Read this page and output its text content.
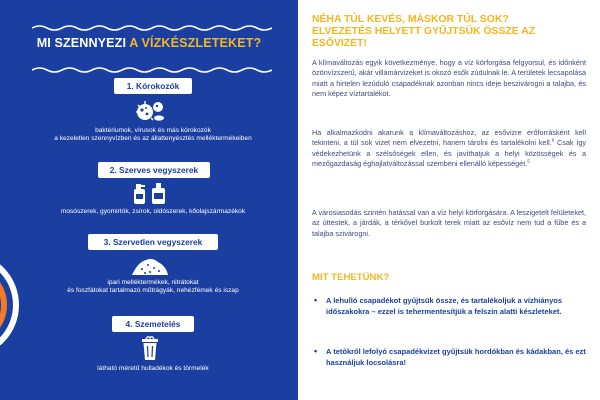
MI SZENNYEZI A VÍZKÉSZLETEKET?
1. Kórokozók
baktériumok, vírusok és más kórokozók
a kezeletlen szennyvízben és az állattenyésztés melléktermékeiben
2. Szerves vegyszerek
mosószerek, gyomirtók, zsírok, oldószerek, kőolajszármazékok
3. Szervetlen vegyszerek
ipari melléktermékek, nitrátokat
és foszfátokat tartalmazó műtrágyák, nehézfémek és iszap
4. Szemetelés
látható méretű hulladékok és törmelék
NÉHA TÚL KEVÉS, MÁSKOR TÚL SOK?
ELVEZETÉS HELYETT GYŰJTSÜK ÖSSZE AZ
ESŐVIZET!
A klímaváltozás egyik következménye, hogy a víz körforgása felgyorsul, és időnként özönvízszerű, akár villámárvizeket is okozó esők zúdulnak le. A területek lecsapolása miatt a hirtelen lezúduló csapadéknak azonban nincs ideje beszivárogni a talajba, és nem képez víztartalékot.
Ha alkalmazkodni akarunk a klímaváltozáshoz, az esővizre erőforrásként kell tekinteni, a túl sok vizet nem elvezetni, hanem tárolni és tartalékolni kell.$^6$ Csak így védekezhetünk a szélsőségek ellen, és javíthatjuk a helyi közösségek és a mezőgazdaság éghajlatváltozással szembeni ellenálló képességét.$^5$
A városiasodás szintén hatással van a víz helyi körforgására. A leszigetelt felületeket, az úttestek, a járdák, a térkővel burkolt terek miatt az esővíz nem tud a fűbe és a talajba szivárogni.
MIT TEHETÜNK?
• A lehulló csapadékot gyűjtsük össze, és tartalékoljuk a vízhiányos időszakokra – ezzel is tehermentesítjük a felszín alatti készleteket.
• A tetőkről lefolyó csapadékvizet gyűjtsük hordókban és kádakban, és ezt használjuk locsolásra!
